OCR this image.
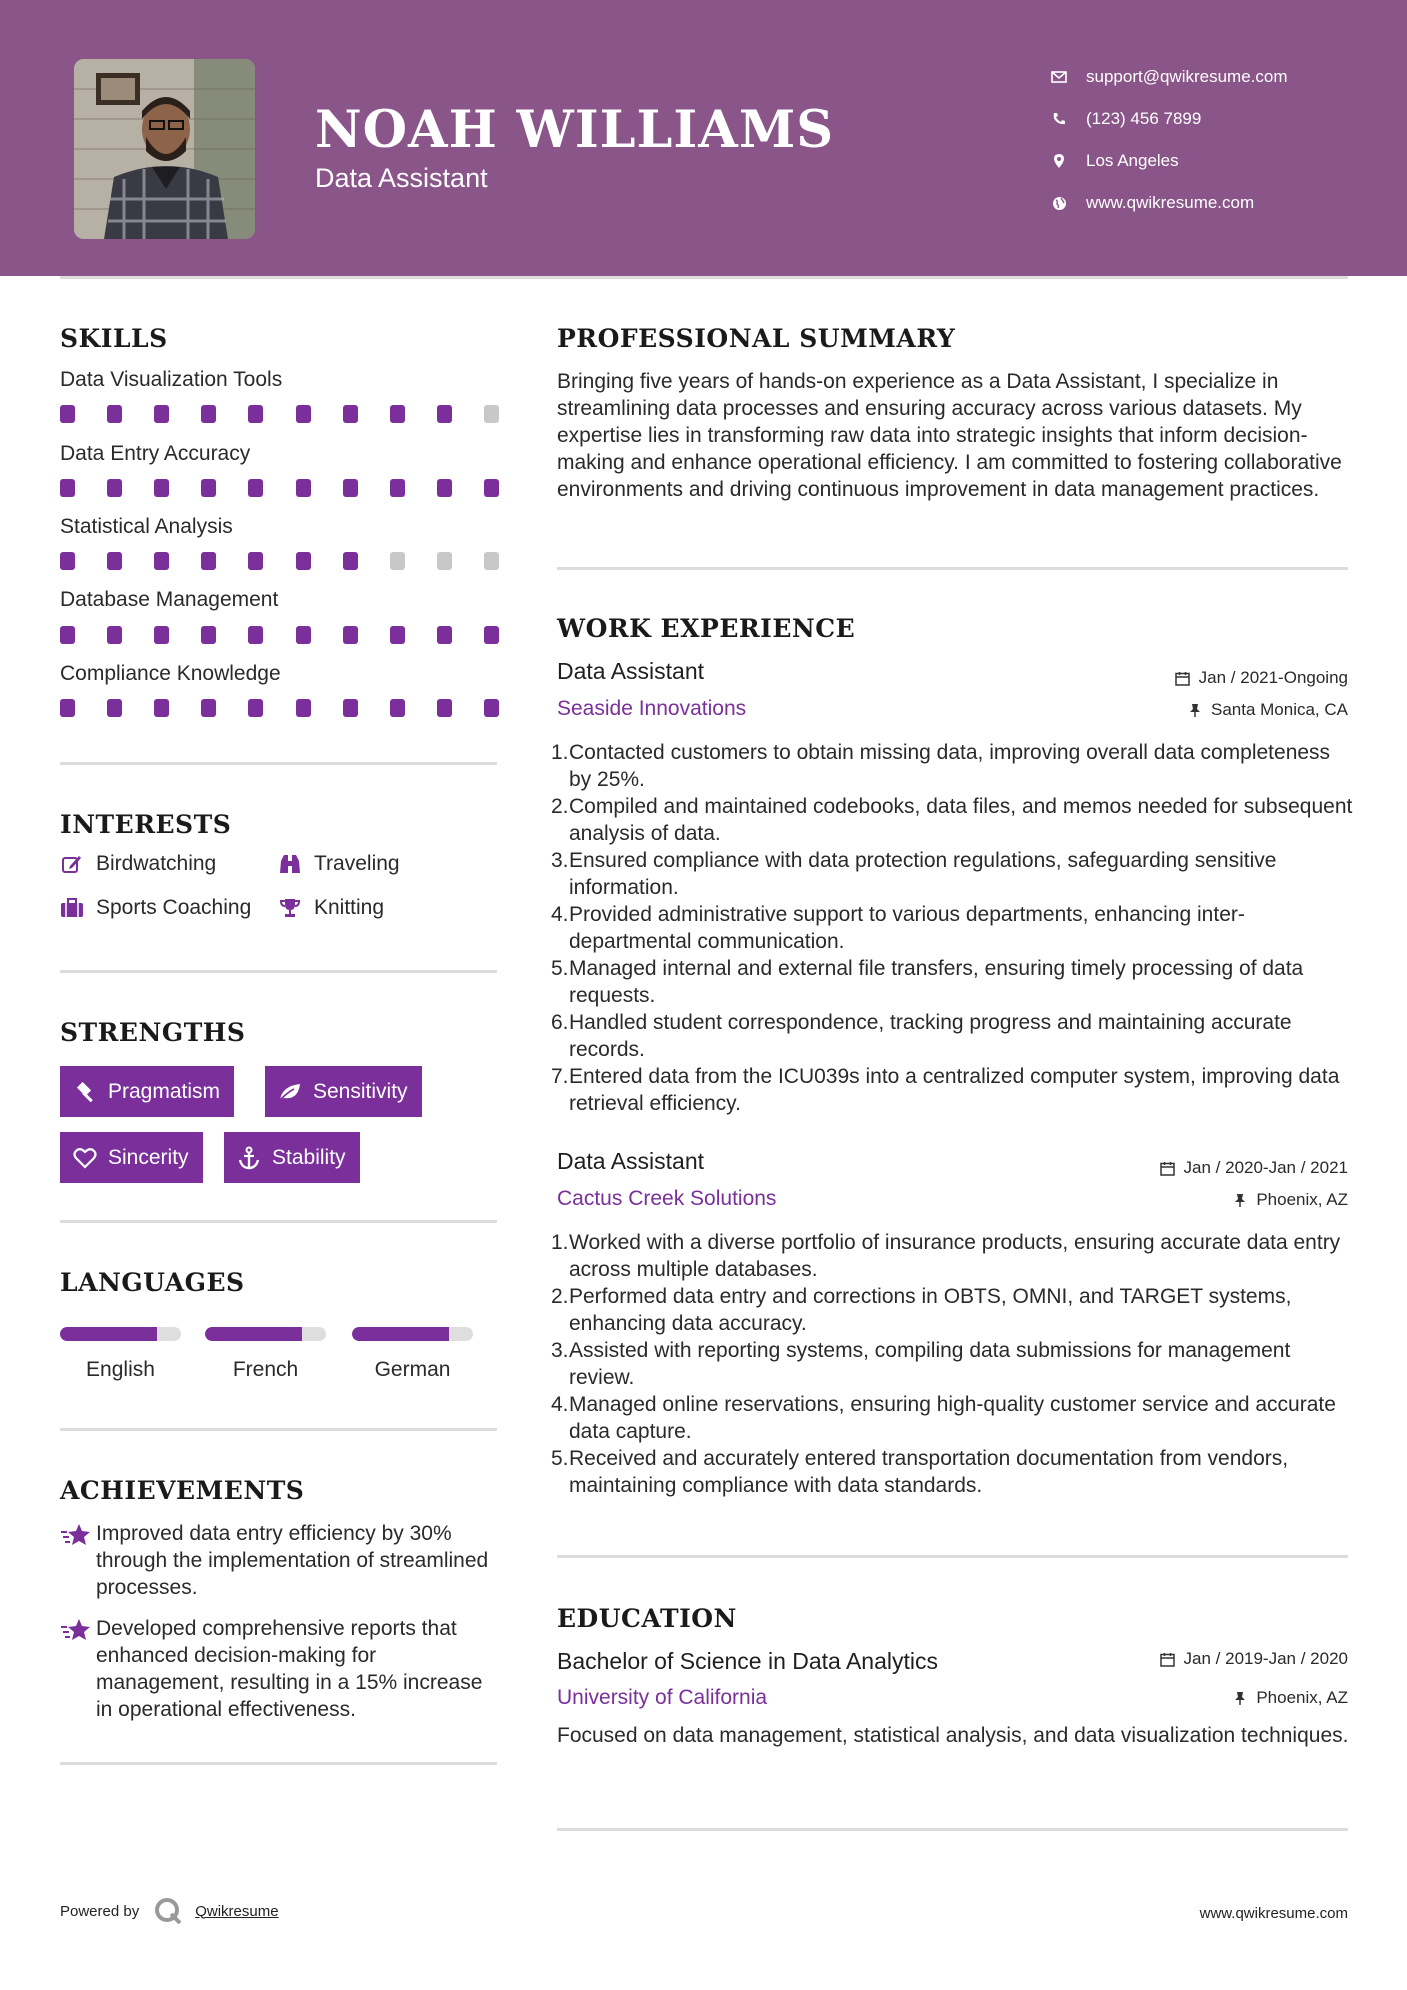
NOAH WILLIAMS
Data Assistant
support@qwikresume.com
(123) 456 7899
Los Angeles
www.qwikresume.com
SKILLS
Data Visualization Tools
Data Entry Accuracy
Statistical Analysis
Database Management
Compliance Knowledge
INTERESTS
Birdwatching	Traveling
Sports Coaching	Knitting
STRENGTHS
Pragmatism	Sensitivity
Sincerity	Stability
LANGUAGES
English	French	German
ACHIEVEMENTS
Improved data entry efficiency by 30% through the implementation of streamlined processes.
Developed comprehensive reports that enhanced decision-making for management, resulting in a 15% increase in operational effectiveness.
PROFESSIONAL SUMMARY
Bringing five years of hands-on experience as a Data Assistant, I specialize in streamlining data processes and ensuring accuracy across various datasets. My expertise lies in transforming raw data into strategic insights that inform decision-making and enhance operational efficiency. I am committed to fostering collaborative environments and driving continuous improvement in data management practices.
WORK EXPERIENCE
Data Assistant	Jan / 2021-Ongoing
Seaside Innovations	Santa Monica, CA
1. Contacted customers to obtain missing data, improving overall data completeness by 25%.
2. Compiled and maintained codebooks, data files, and memos needed for subsequent analysis of data.
3. Ensured compliance with data protection regulations, safeguarding sensitive information.
4. Provided administrative support to various departments, enhancing inter-departmental communication.
5. Managed internal and external file transfers, ensuring timely processing of data requests.
6. Handled student correspondence, tracking progress and maintaining accurate records.
7. Entered data from the ICU039s into a centralized computer system, improving data retrieval efficiency.
Data Assistant	Jan / 2020-Jan / 2021
Cactus Creek Solutions	Phoenix, AZ
1. Worked with a diverse portfolio of insurance products, ensuring accurate data entry across multiple databases.
2. Performed data entry and corrections in OBTS, OMNI, and TARGET systems, enhancing data accuracy.
3. Assisted with reporting systems, compiling data submissions for management review.
4. Managed online reservations, ensuring high-quality customer service and accurate data capture.
5. Received and accurately entered transportation documentation from vendors, maintaining compliance with data standards.
EDUCATION
Bachelor of Science in Data Analytics	Jan / 2019-Jan / 2020
University of California	Phoenix, AZ
Focused on data management, statistical analysis, and data visualization techniques.
Powered by	Qwikresume	www.qwikresume.com
